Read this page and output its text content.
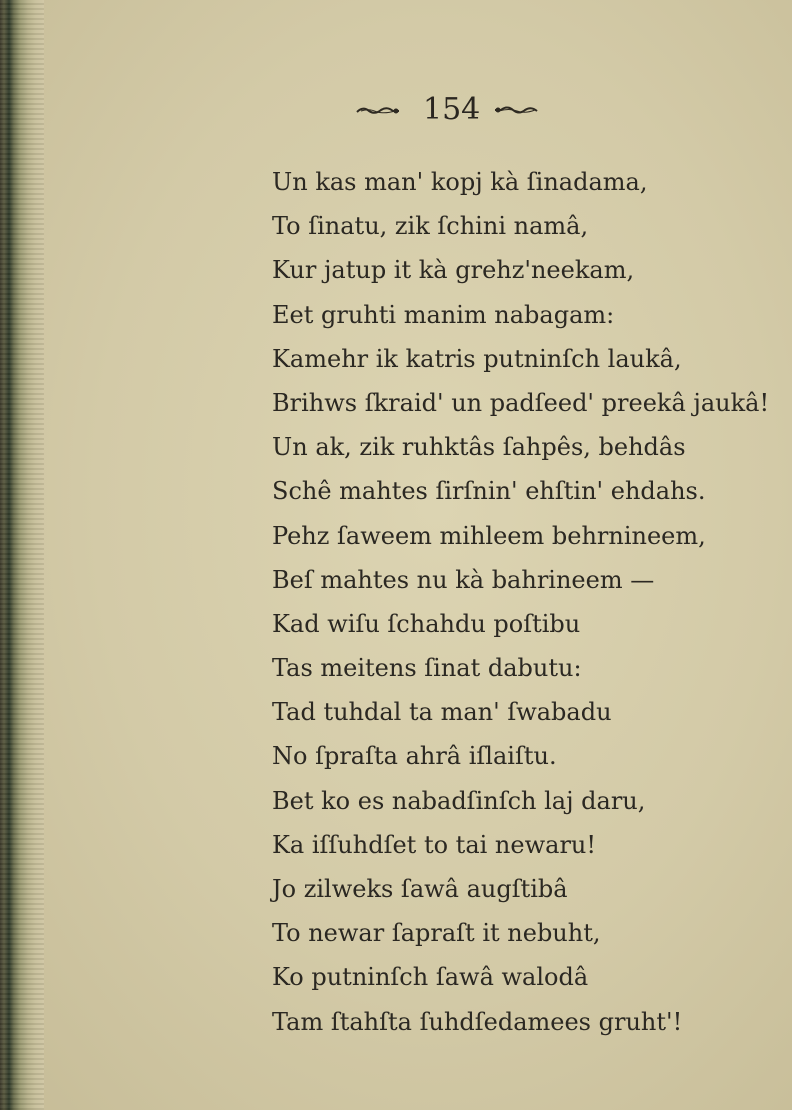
154
Un kas man' kopj kà ſinadama,
To ſinatu, zik ſchini namâ,
Kur jatup it kà grehz'neekam,
Eet gruhti manim nabagam:
Kamehr ik katris putninſch laukâ,
Brihws ſkraid' un padſeed' preekâ jaukâ!
Un ak, zik ruhktâs ſahpês, behdâs
Schê mahtes ſirſnin' ehſtin' ehdahs.
Pehz ſaweem mihleem behrnineem,
Beſ mahtes nu kà bahrineem —
Kad wiſu ſchahdu poſtibu
Tas meitens ſinat dabutu:
Tad tuhdal ta man' ſwabadu
No ſpraſta ahrâ iſlaiſtu.
Bet ko es nabadſinſch laj daru,
Ka iſſuhdſet to tai newaru!
Jo zilweks ſawâ augſtibâ
To newar ſapraſt it nebuht,
Ko putninſch ſawâ walodâ
Tam ſtahſta ſuhdſedamees gruht'!
